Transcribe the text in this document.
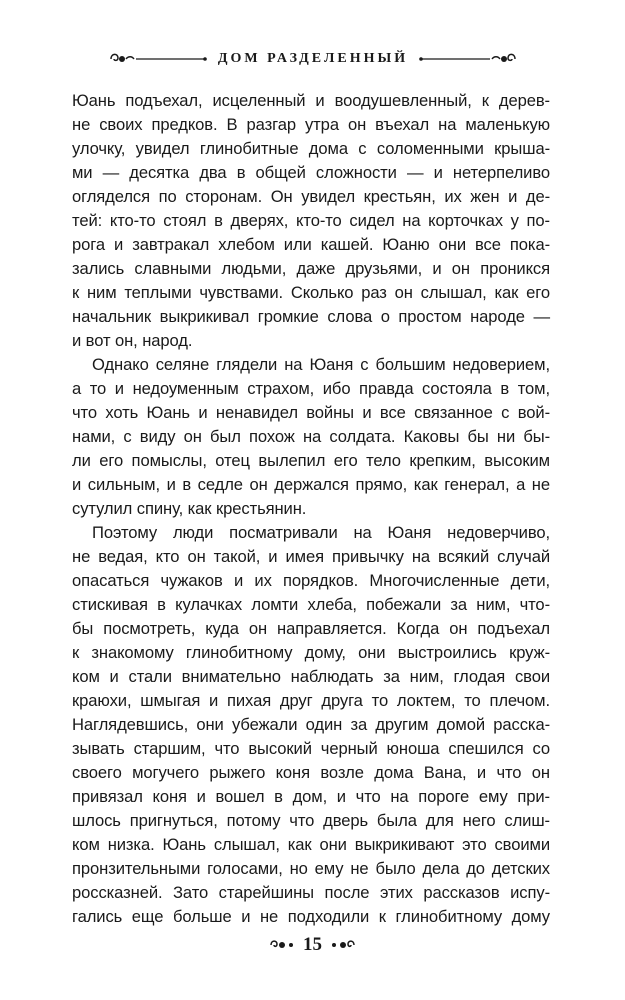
ДОМ РАЗДЕЛЕННЫЙ

Юань подъехал, исцеленный и воодушевленный, к дерев-
не своих предков. В разгар утра он въехал на маленькую
улочку, увидел глинобитные дома с соломенными крыша-
ми — десятка два в общей сложности — и нетерпеливо
огляделся по сторонам. Он увидел крестьян, их жен и де-
тей: кто-то стоял в дверях, кто-то сидел на корточках у по-
рога и завтракал хлебом или кашей. Юаню они все пока-
зались славными людьми, даже друзьями, и он проникся
к ним теплыми чувствами. Сколько раз он слышал, как его
начальник выкрикивал громкие слова о простом народе —
и вот он, народ.

Однако селяне глядели на Юаня с большим недоверием,
а то и недоуменным страхом, ибо правда состояла в том,
что хоть Юань и ненавидел войны и все связанное с вой-
нами, с виду он был похож на солдата. Каковы бы ни бы-
ли его помыслы, отец вылепил его тело крепким, высоким
и сильным, и в седле он держался прямо, как генерал, а не
сутулил спину, как крестьянин.

Поэтому люди посматривали на Юаня недоверчиво,
не ведая, кто он такой, и имея привычку на всякий случай
опасаться чужаков и их порядков. Многочисленные дети,
стискивая в кулачках ломти хлеба, побежали за ним, что-
бы посмотреть, куда он направляется. Когда он подъехал
к знакомому глинобитному дому, они выстроились круж-
ком и стали внимательно наблюдать за ним, глодая свои
краюхи, шмыгая и пихая друг друга то локтем, то плечом.
Наглядевшись, они убежали один за другим домой расска-
зывать старшим, что высокий черный юноша спешился со
своего могучего рыжего коня возле дома Вана, и что он
привязал коня и вошел в дом, и что на пороге ему при-
шлось пригнуться, потому что дверь была для него слиш-
ком низка. Юань слышал, как они выкрикивают это своими
пронзительными голосами, но ему не было дела до детских
россказней. Зато старейшины после этих рассказов испу-
гались еще больше и не подходили к глинобитному дому

15
